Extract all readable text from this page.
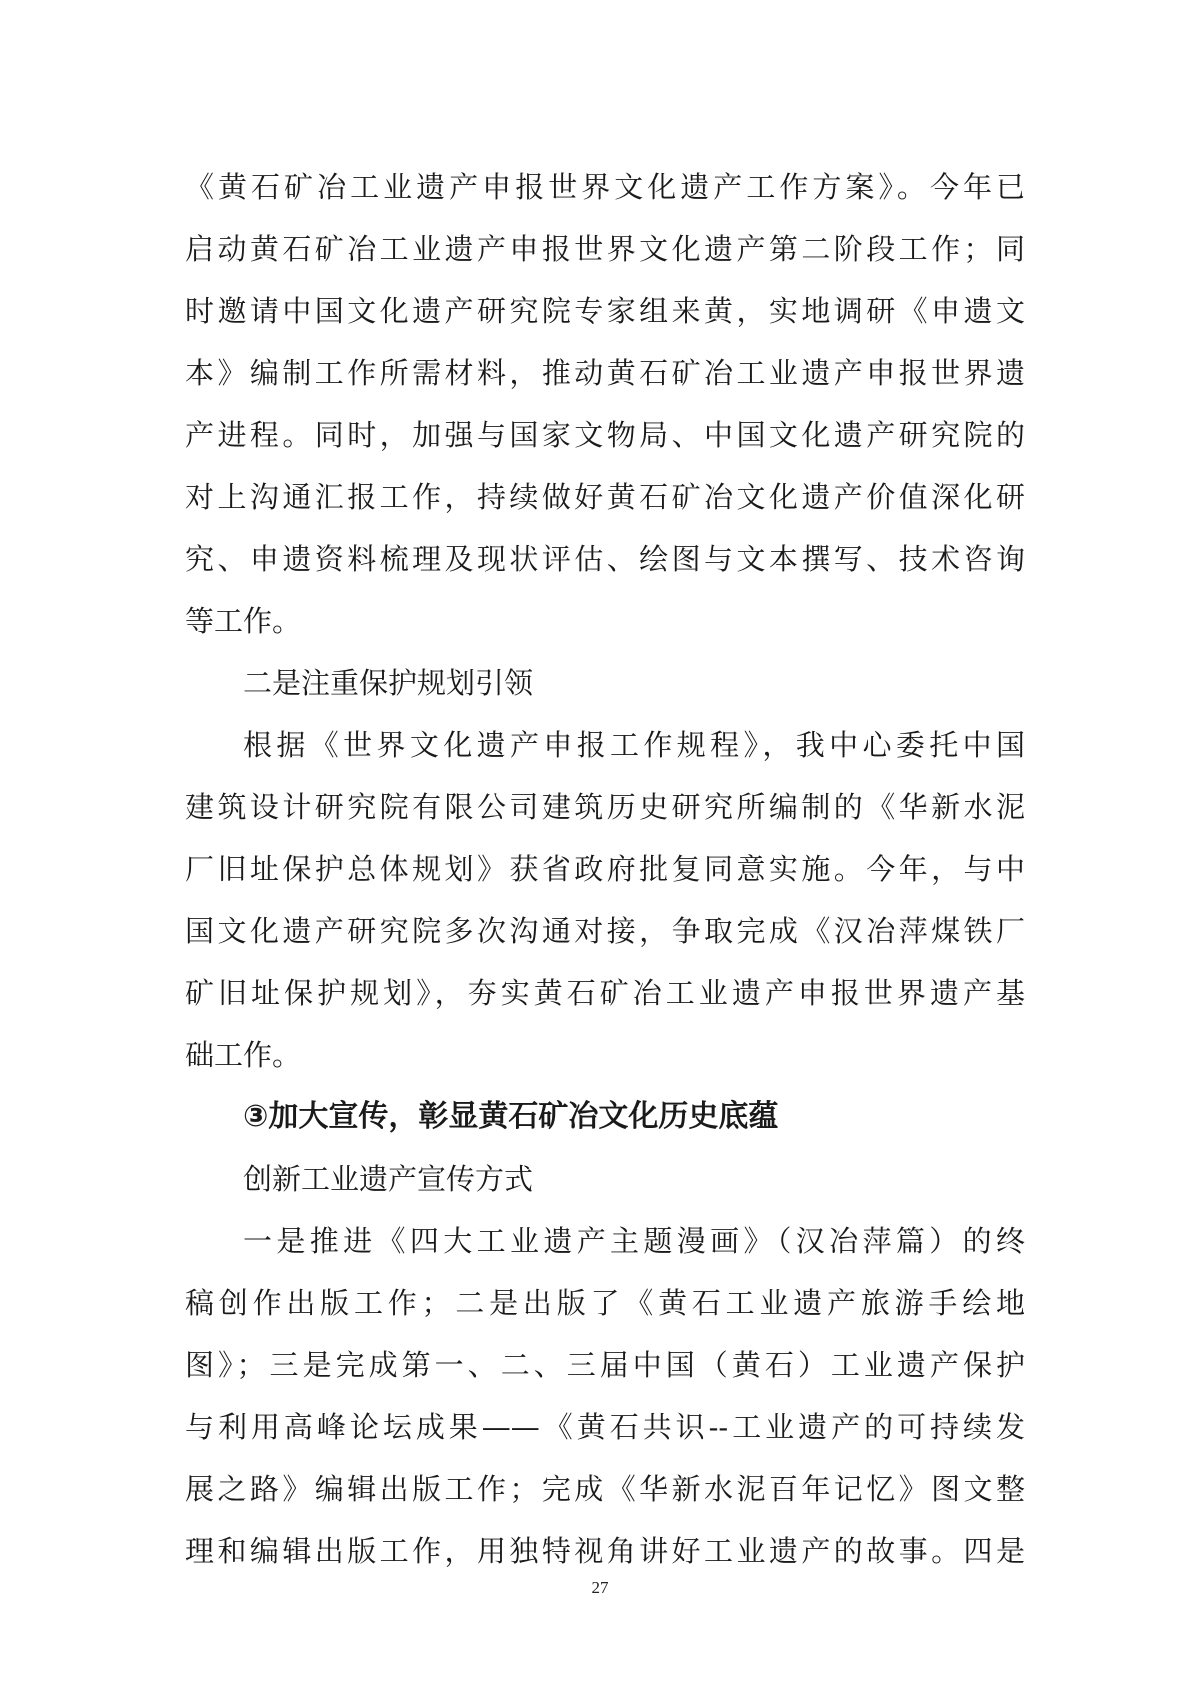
《黄石矿冶工业遗产申报世界文化遗产工作方案》。今年已
启动黄石矿冶工业遗产申报世界文化遗产第二阶段工作；同
时邀请中国文化遗产研究院专家组来黄，实地调研《申遗文
本》编制工作所需材料，推动黄石矿冶工业遗产申报世界遗
产进程。同时，加强与国家文物局、中国文化遗产研究院的
对上沟通汇报工作，持续做好黄石矿冶文化遗产价值深化研
究、申遗资料梳理及现状评估、绘图与文本撰写、技术咨询
等工作。
二是注重保护规划引领
根据《世界文化遗产申报工作规程》，我中心委托中国
建筑设计研究院有限公司建筑历史研究所编制的《华新水泥
厂旧址保护总体规划》获省政府批复同意实施。今年，与中
国文化遗产研究院多次沟通对接，争取完成《汉冶萍煤铁厂
矿旧址保护规划》，夯实黄石矿冶工业遗产申报世界遗产基
础工作。
③加大宣传，彰显黄石矿冶文化历史底蕴
创新工业遗产宣传方式
一是推进《四大工业遗产主题漫画》（汉冶萍篇）的终
稿创作出版工作；二是出版了《黄石工业遗产旅游手绘地
图》；三是完成第一、二、三届中国（黄石）工业遗产保护
与利用高峰论坛成果——《黄石共识--工业遗产的可持续发
展之路》编辑出版工作；完成《华新水泥百年记忆》图文整
理和编辑出版工作，用独特视角讲好工业遗产的故事。四是
27
